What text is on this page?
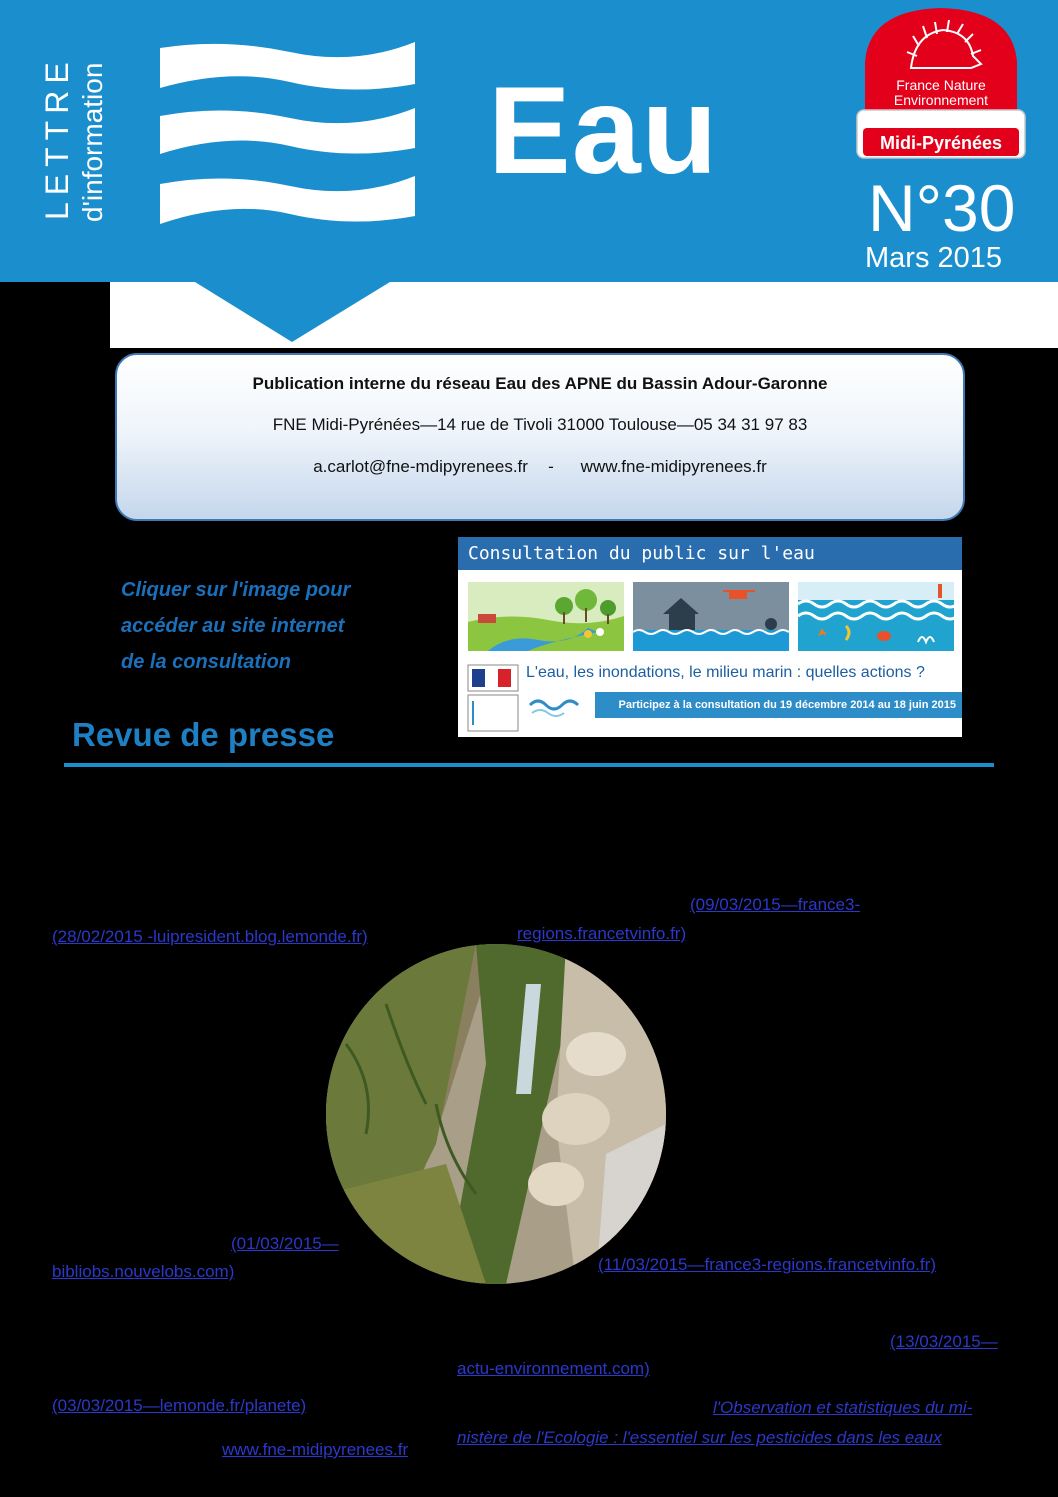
LETTRE d'information	Eau	France Nature
Environnement
Midi-Pyrénées
N°30
Mars 2015
Publication interne du réseau Eau des APNE du Bassin Adour-Garonne
FNE Midi-Pyrénées—14 rue de Tivoli 31000 Toulouse—05 34 31 97 83
a.carlot@fne-mdipyrenees.fr - www.fne-midipyrenees.fr
Cliquer sur l'image pour
accéder au site internet
de la consultation
Consultation du public sur l'eau
L'eau, les inondations, le milieu marin : quelles actions ?
Participez à la consultation du 19 décembre 2014 au 18 juin 2015
Revue de presse
(09/03/2015—france3-
regions.francetvinfo.fr)
(28/02/2015 -luipresident.blog.lemonde.fr)
(01/03/2015—
bibliobs.nouvelobs.com)	(11/03/2015—france3-regions.francetvinfo.fr)
(13/03/2015—
actu-environnement.com)
(03/03/2015—lemonde.fr/planete)	l'Observation et statistiques du mi-
nistère de l'Ecologie : l'essentiel sur les pesticides dans les eaux
www.fne-midipyrenees.fr
